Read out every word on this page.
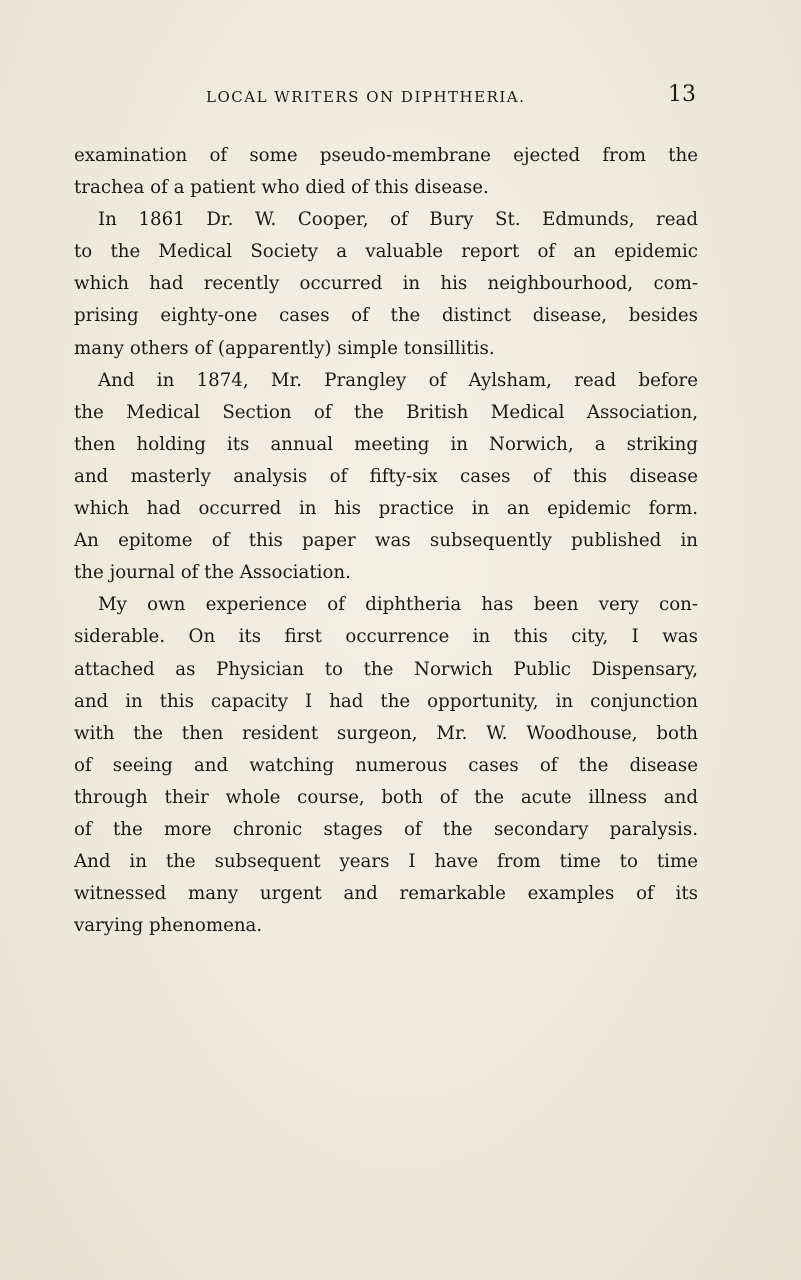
LOCAL WRITERS ON DIPHTHERIA.	13
examination of some pseudo-membrane ejected from the
trachea of a patient who died of this disease.
In 1861 Dr. W. Cooper, of Bury St. Edmunds, read
to the Medical Society a valuable report of an epidemic
which had recently occurred in his neighbourhood, com-
prising eighty-one cases of the distinct disease, besides
many others of (apparently) simple tonsillitis.
And in 1874, Mr. Prangley of Aylsham, read before
the Medical Section of the British Medical Association,
then holding its annual meeting in Norwich, a striking
and masterly analysis of fifty-six cases of this disease
which had occurred in his practice in an epidemic form.
An epitome of this paper was subsequently published in
the journal of the Association.
My own experience of diphtheria has been very con-
siderable. On its first occurrence in this city, I was
attached as Physician to the Norwich Public Dispensary,
and in this capacity I had the opportunity, in conjunction
with the then resident surgeon, Mr. W. Woodhouse, both
of seeing and watching numerous cases of the disease
through their whole course, both of the acute illness and
of the more chronic stages of the secondary paralysis.
And in the subsequent years I have from time to time
witnessed many urgent and remarkable examples of its
varying phenomena.
